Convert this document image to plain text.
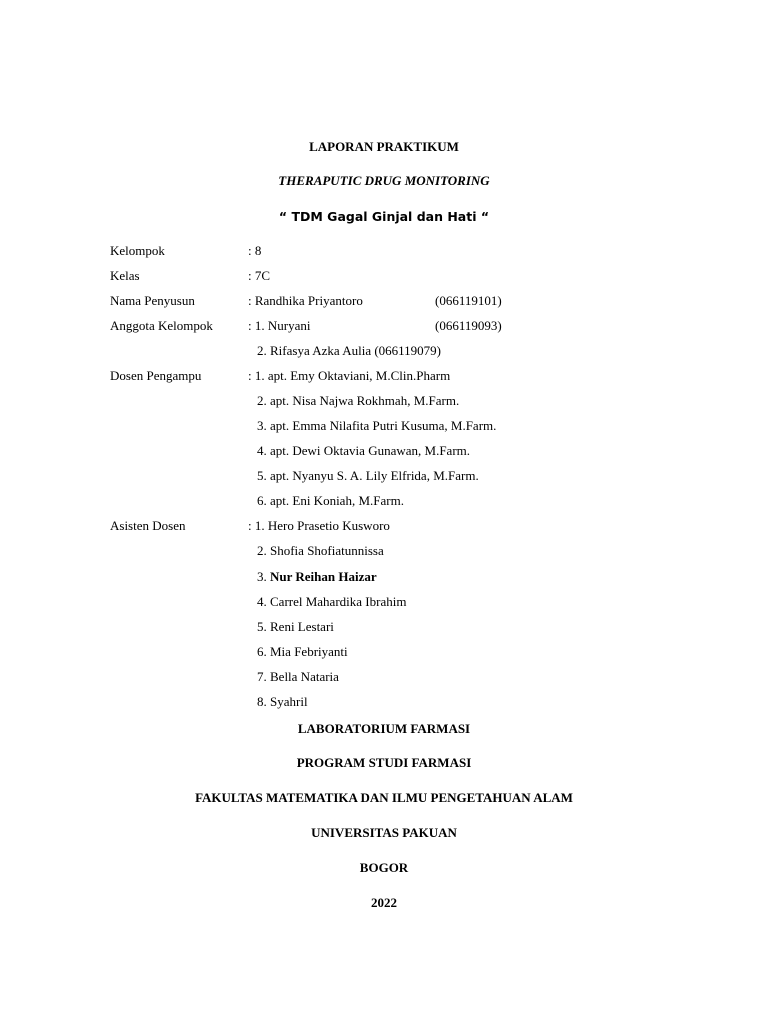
LAPORAN PRAKTIKUM
THERAPUTIC DRUG MONITORING
“ TDM Gagal Ginjal dan Hati “
Kelompok	: 8
Kelas	: 7C
Nama Penyusun	: Randhika Priyantoro	(066119101)
Anggota Kelompok	: 1. Nuryani	(066119093)
2. Rifasya Azka Aulia (066119079)
Dosen Pengampu	: 1. apt. Emy Oktaviani, M.Clin.Pharm
2. apt. Nisa Najwa Rokhmah, M.Farm.
3. apt. Emma Nilafita Putri Kusuma, M.Farm.
4. apt. Dewi Oktavia Gunawan, M.Farm.
5. apt. Nyanyu S. A. Lily Elfrida, M.Farm.
6. apt. Eni Koniah, M.Farm.
Asisten Dosen	: 1. Hero Prasetio Kusworo
2. Shofia Shofiatunnissa
3. Nur Reihan Haizar
4. Carrel Mahardika Ibrahim
5. Reni Lestari
6. Mia Febriyanti
7. Bella Nataria
8. Syahril
LABORATORIUM FARMASI
PROGRAM STUDI FARMASI
FAKULTAS MATEMATIKA DAN ILMU PENGETAHUAN ALAM
UNIVERSITAS PAKUAN
BOGOR
2022
